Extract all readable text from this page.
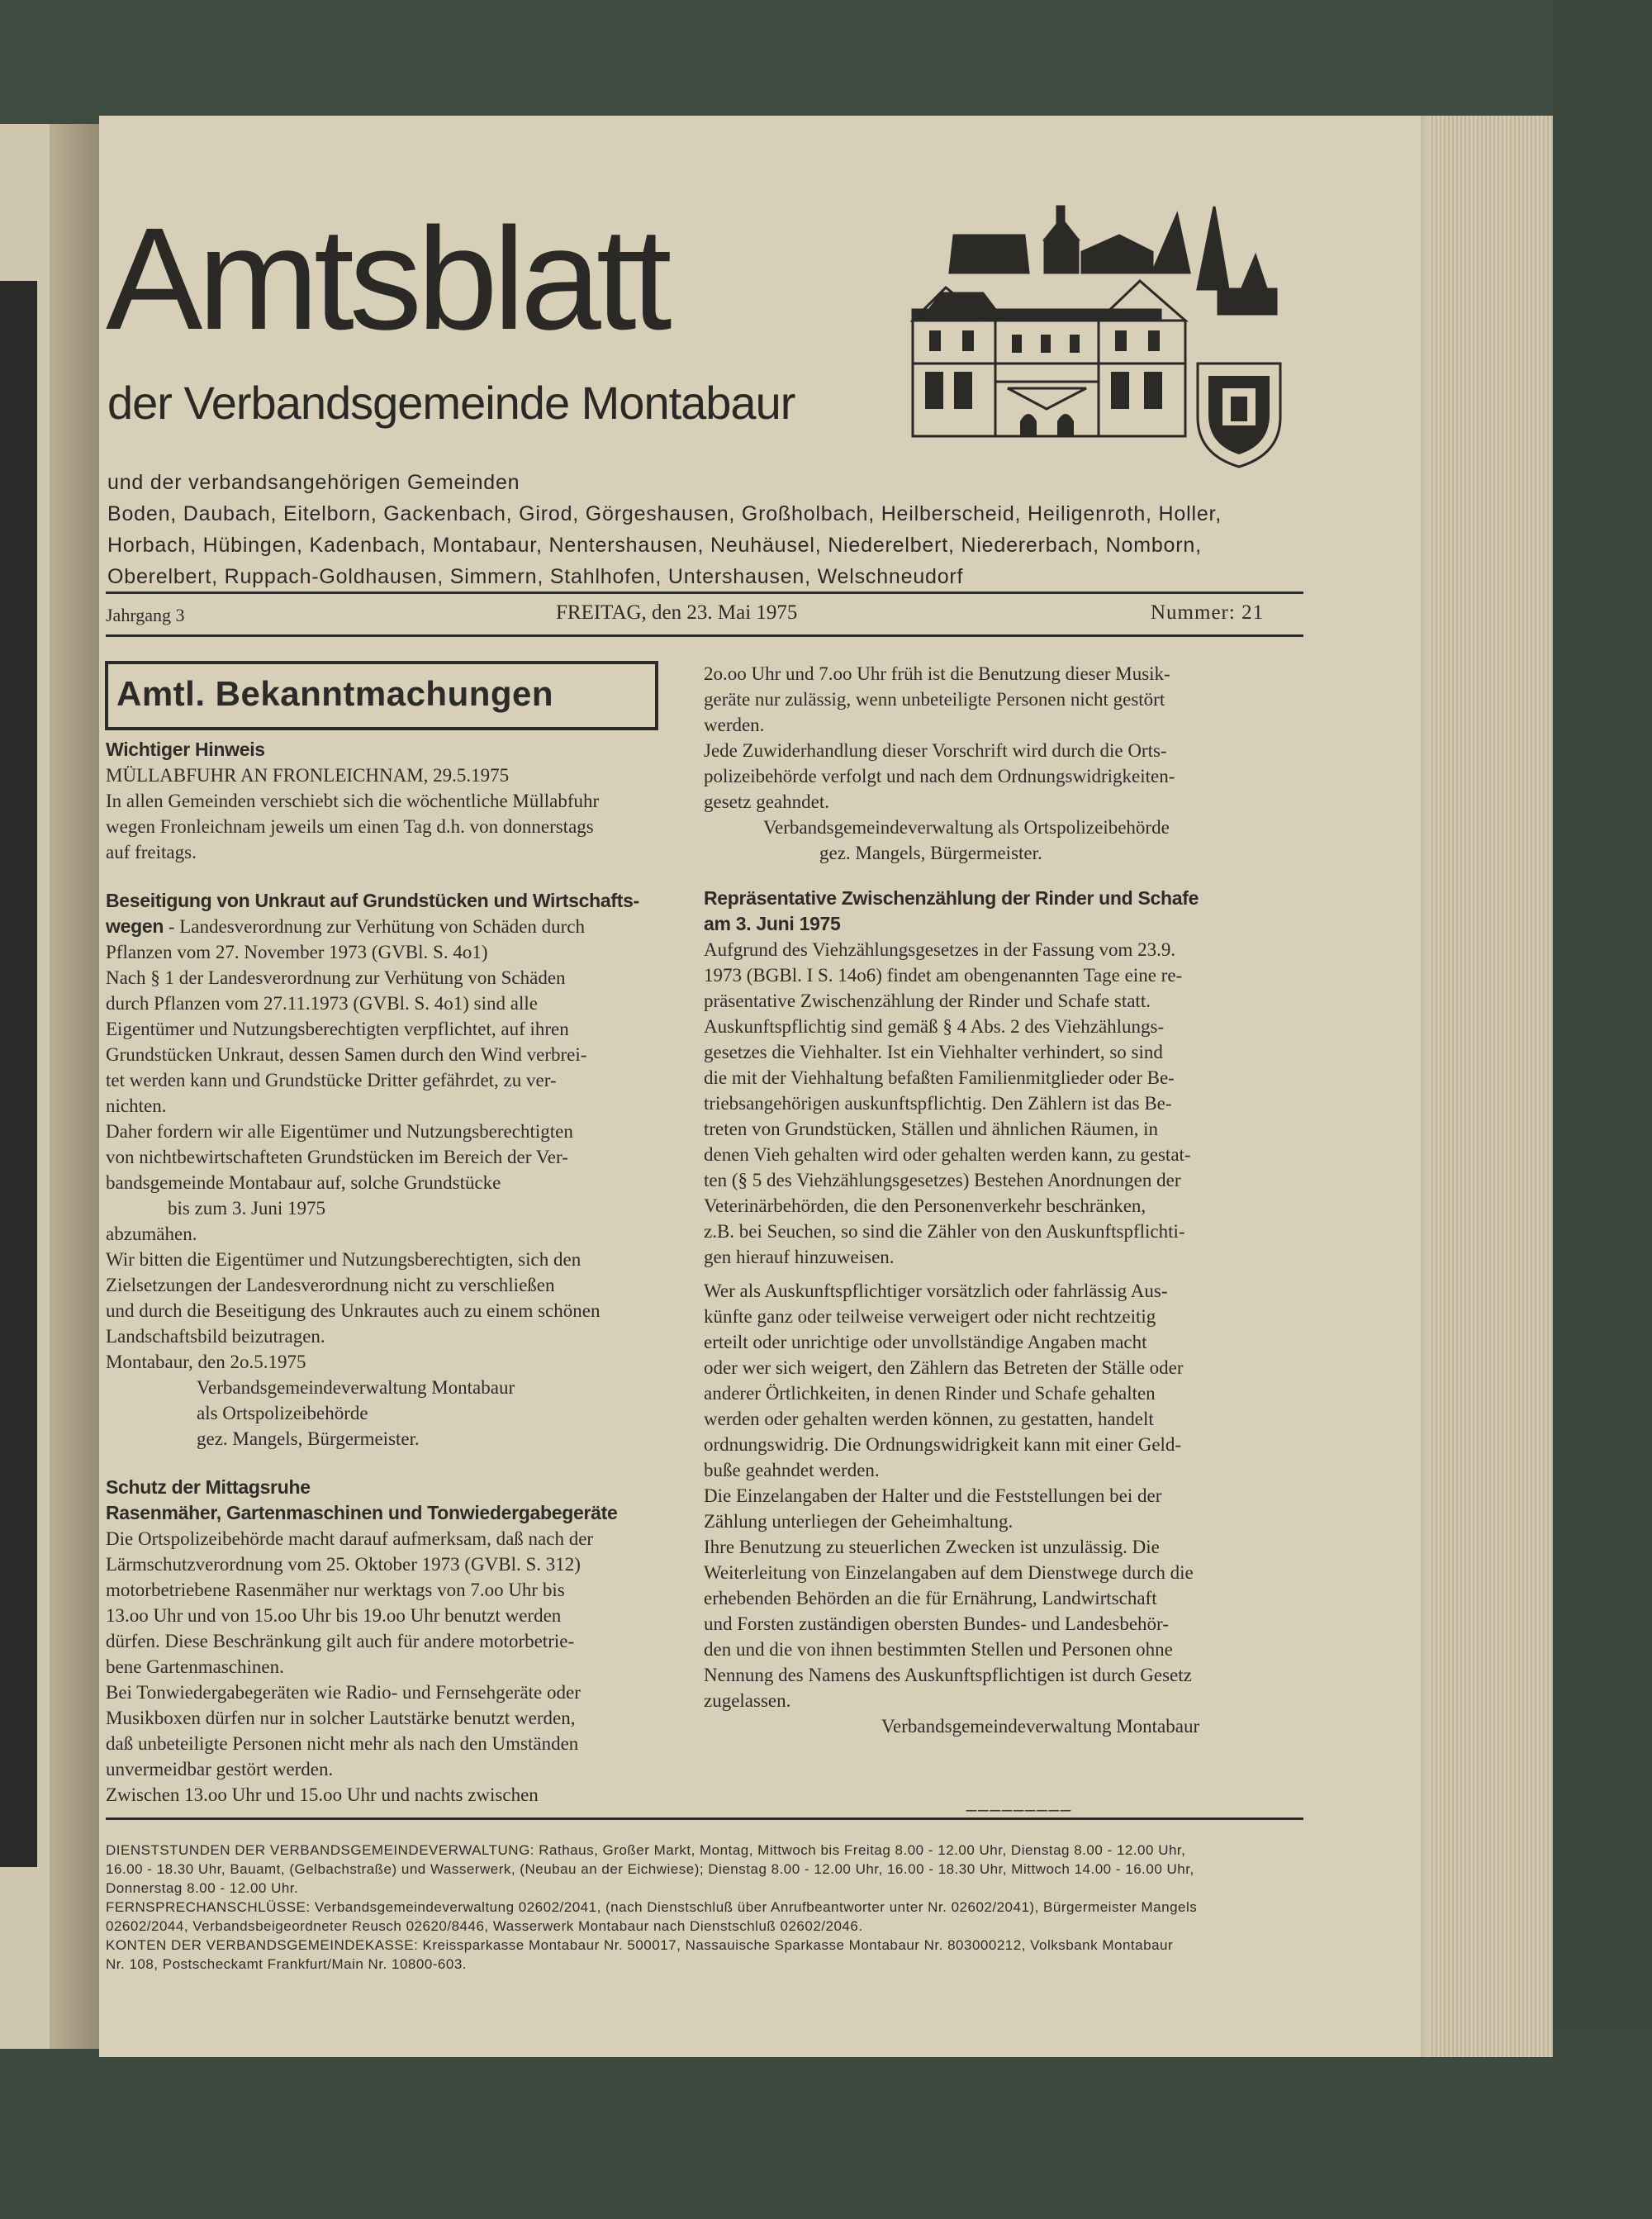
Amtsblatt
der Verbandsgemeinde Montabaur
und der verbandsangehörigen Gemeinden
Boden, Daubach, Eitelborn, Gackenbach, Girod, Görgeshausen, Großholbach, Heilberscheid, Heiligenroth, Holler,
Horbach, Hübingen, Kadenbach, Montabaur, Nentershausen, Neuhäusel, Niederelbert, Niedererbach, Nomborn,
Oberelbert, Ruppach-Goldhausen, Simmern, Stahlhofen, Untershausen, Welschneudorf
Jahrgang 3	FREITAG, den 23. Mai 1975	Nummer: 21
Amtl. Bekanntmachungen
Wichtiger Hinweis
MÜLLABFUHR AN FRONLEICHNAM, 29.5.1975
In allen Gemeinden verschiebt sich die wöchentliche Müllabfuhr
wegen Fronleichnam jeweils um einen Tag d.h. von donnerstags
auf freitags.
Beseitigung von Unkraut auf Grundstücken und Wirtschafts-
wegen - Landesverordnung zur Verhütung von Schäden durch
Pflanzen vom 27. November 1973 (GVBl. S. 4o1)
Nach § 1 der Landesverordnung zur Verhütung von Schäden
durch Pflanzen vom 27.11.1973 (GVBl. S. 4o1) sind alle
Eigentümer und Nutzungsberechtigten verpflichtet, auf ihren
Grundstücken Unkraut, dessen Samen durch den Wind verbrei-
tet werden kann und Grundstücke Dritter gefährdet, zu ver-
nichten.
Daher fordern wir alle Eigentümer und Nutzungsberechtigten
von nichtbewirtschafteten Grundstücken im Bereich der Ver-
bandsgemeinde Montabaur auf, solche Grundstücke
bis zum 3. Juni 1975
abzumähen.
Wir bitten die Eigentümer und Nutzungsberechtigten, sich den
Zielsetzungen der Landesverordnung nicht zu verschließen
und durch die Beseitigung des Unkrautes auch zu einem schönen
Landschaftsbild beizutragen.
Montabaur, den 2o.5.1975
Verbandsgemeindeverwaltung Montabaur
als Ortspolizeibehörde
gez. Mangels, Bürgermeister.
Schutz der Mittagsruhe
Rasenmäher, Gartenmaschinen und Tonwiedergabegeräte
Die Ortspolizeibehörde macht darauf aufmerksam, daß nach der
Lärmschutzverordnung vom 25. Oktober 1973 (GVBl. S. 312)
motorbetriebene Rasenmäher nur werktags von 7.oo Uhr bis
13.oo Uhr und von 15.oo Uhr bis 19.oo Uhr benutzt werden
dürfen. Diese Beschränkung gilt auch für andere motorbetrie-
bene Gartenmaschinen.
Bei Tonwiedergabegeräten wie Radio- und Fernsehgeräte oder
Musikboxen dürfen nur in solcher Lautstärke benutzt werden,
daß unbeteiligte Personen nicht mehr als nach den Umständen
unvermeidbar gestört werden.
Zwischen 13.oo Uhr und 15.oo Uhr und nachts zwischen
2o.oo Uhr und 7.oo Uhr früh ist die Benutzung dieser Musik-
geräte nur zulässig, wenn unbeteiligte Personen nicht gestört
werden.
Jede Zuwiderhandlung dieser Vorschrift wird durch die Orts-
polizeibehörde verfolgt und nach dem Ordnungswidrigkeiten-
gesetz geahndet.
Verbandsgemeindeverwaltung als Ortspolizeibehörde
gez. Mangels, Bürgermeister.
Repräsentative Zwischenzählung der Rinder und Schafe
am 3. Juni 1975
Aufgrund des Viehzählungsgesetzes in der Fassung vom 23.9.
1973 (BGBl. I S. 14o6) findet am obengenannten Tage eine re-
präsentative Zwischenzählung der Rinder und Schafe statt.
Auskunftspflichtig sind gemäß § 4 Abs. 2 des Viehzählungs-
gesetzes die Viehhalter. Ist ein Viehhalter verhindert, so sind
die mit der Viehhaltung befaßten Familienmitglieder oder Be-
triebsangehörigen auskunftspflichtig. Den Zählern ist das Be-
treten von Grundstücken, Ställen und ähnlichen Räumen, in
denen Vieh gehalten wird oder gehalten werden kann, zu gestat-
ten (§ 5 des Viehzählungsgesetzes) Bestehen Anordnungen der
Veterinärbehörden, die den Personenverkehr beschränken,
z.B. bei Seuchen, so sind die Zähler von den Auskunftspflichti-
gen hierauf hinzuweisen.
Wer als Auskunftspflichtiger vorsätzlich oder fahrlässig Aus-
künfte ganz oder teilweise verweigert oder nicht rechtzeitig
erteilt oder unrichtige oder unvollständige Angaben macht
oder wer sich weigert, den Zählern das Betreten der Ställe oder
anderer Örtlichkeiten, in denen Rinder und Schafe gehalten
werden oder gehalten werden können, zu gestatten, handelt
ordnungswidrig. Die Ordnungswidrigkeit kann mit einer Geld-
buße geahndet werden.
Die Einzelangaben der Halter und die Feststellungen bei der
Zählung unterliegen der Geheimhaltung.
Ihre Benutzung zu steuerlichen Zwecken ist unzulässig. Die
Weiterleitung von Einzelangaben auf dem Dienstwege durch die
erhebenden Behörden an die für Ernährung, Landwirtschaft
und Forsten zuständigen obersten Bundes- und Landesbehör-
den und die von ihnen bestimmten Stellen und Personen ohne
Nennung des Namens des Auskunftspflichtigen ist durch Gesetz
zugelassen.
Verbandsgemeindeverwaltung Montabaur
_________
DIENSTSTUNDEN DER VERBANDSGEMEINDEVERWALTUNG: Rathaus, Großer Markt, Montag, Mittwoch bis Freitag 8.00 - 12.00 Uhr, Dienstag 8.00 - 12.00 Uhr,
16.00 - 18.30 Uhr, Bauamt, (Gelbachstraße) und Wasserwerk, (Neubau an der Eichwiese); Dienstag 8.00 - 12.00 Uhr, 16.00 - 18.30 Uhr, Mittwoch 14.00 - 16.00 Uhr,
Donnerstag 8.00 - 12.00 Uhr.
FERNSPRECHANSCHLÜSSE: Verbandsgemeindeverwaltung 02602/2041, (nach Dienstschluß über Anrufbeantworter unter Nr. 02602/2041), Bürgermeister Mangels
02602/2044, Verbandsbeigeordneter Reusch 02620/8446, Wasserwerk Montabaur nach Dienstschluß 02602/2046.
KONTEN DER VERBANDSGEMEINDEKASSE: Kreissparkasse Montabaur Nr. 500017, Nassauische Sparkasse Montabaur Nr. 803000212, Volksbank Montabaur
Nr. 108, Postscheckamt Frankfurt/Main Nr. 10800-603.
